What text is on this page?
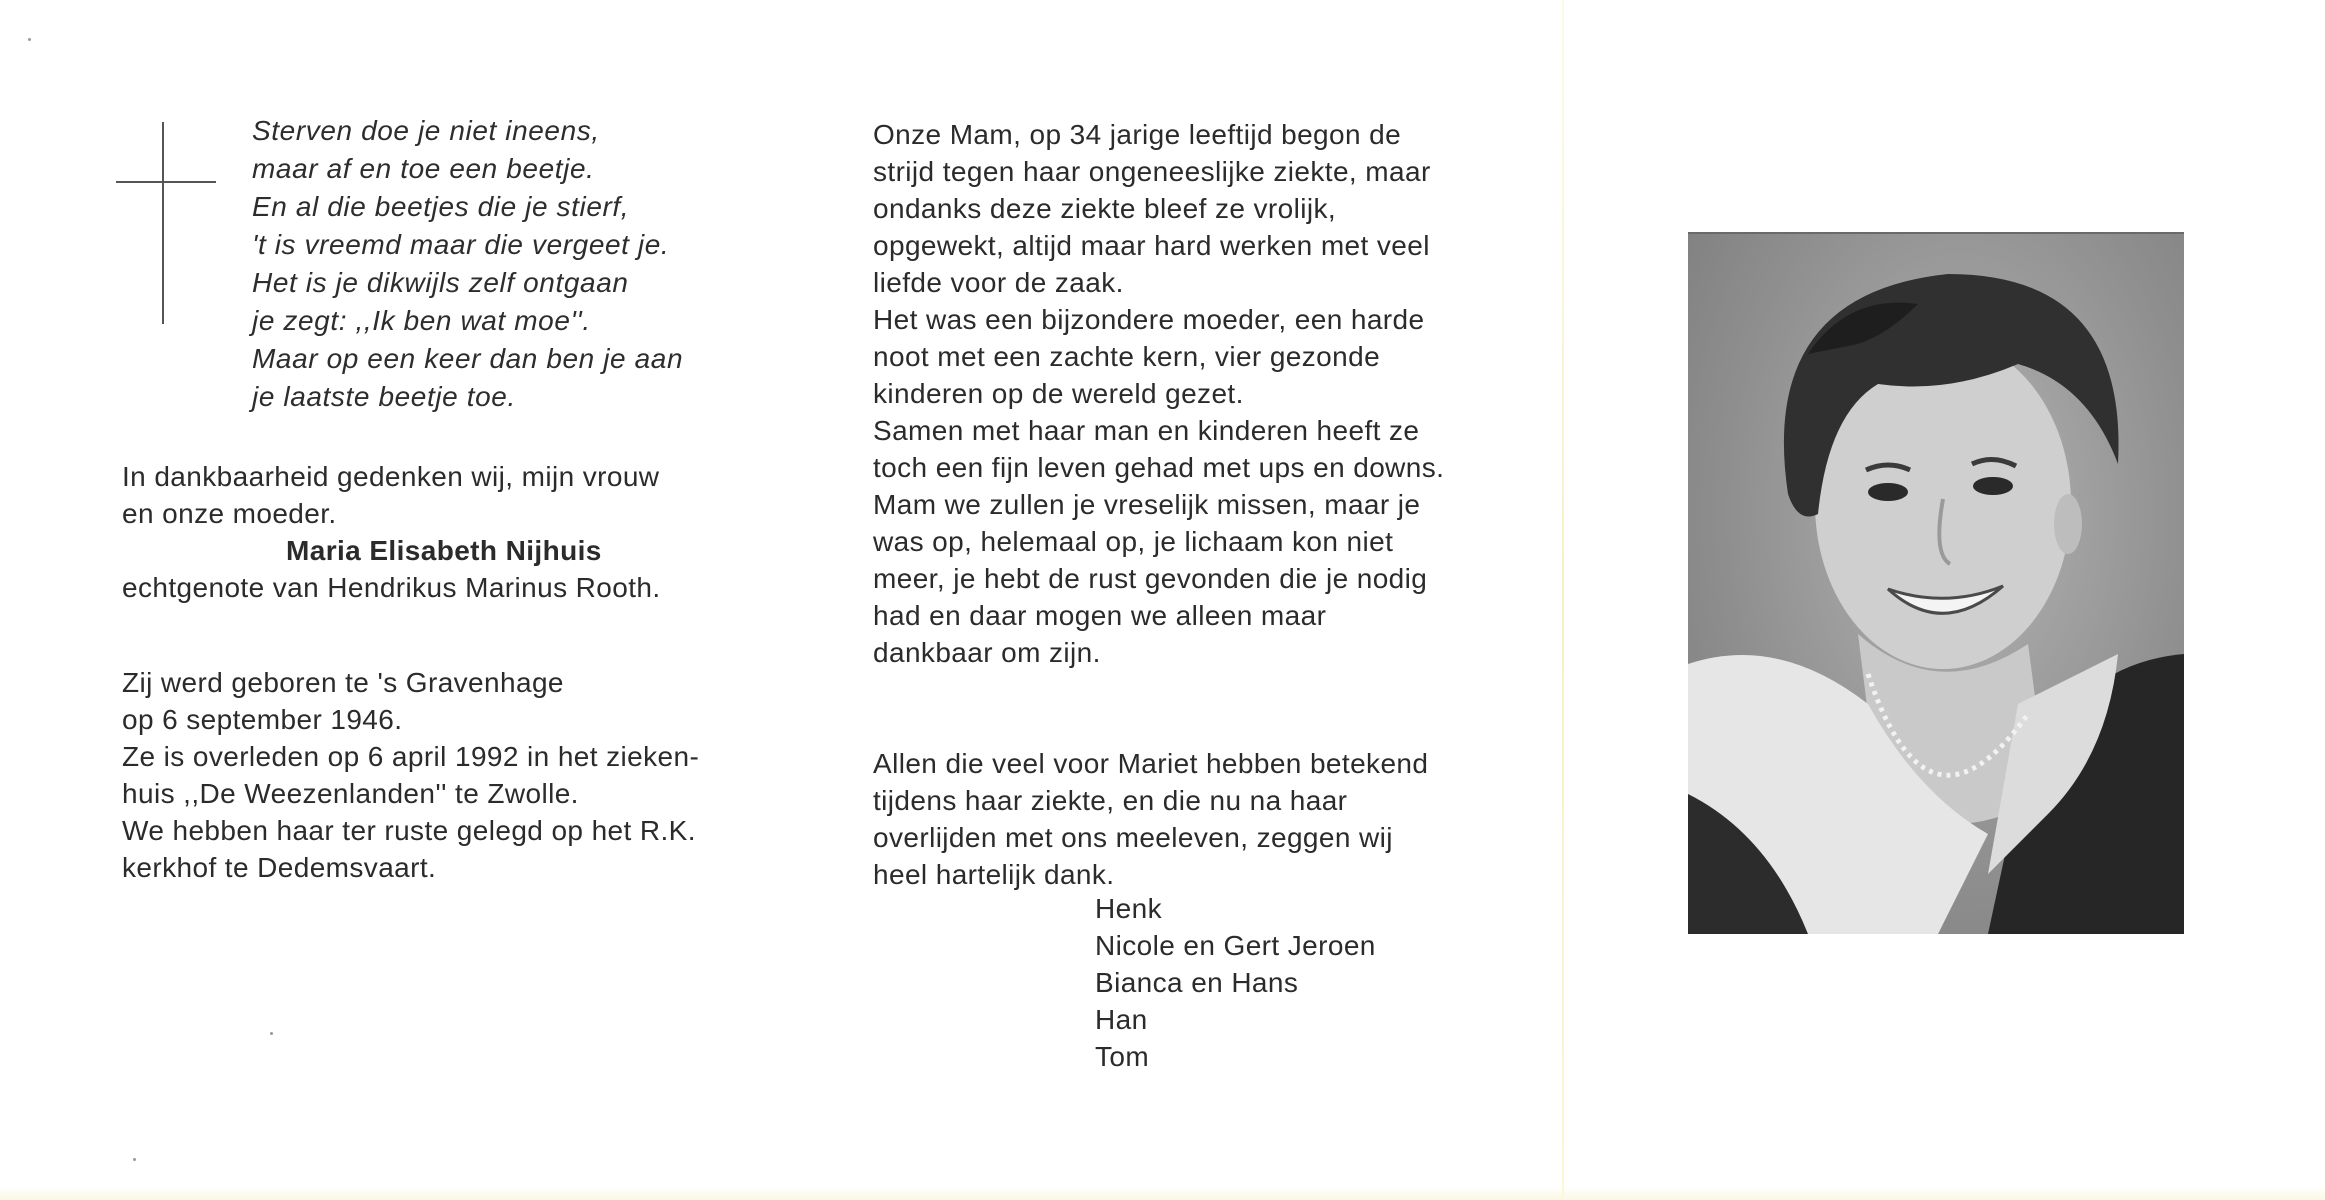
Sterven doe je niet ineens,
maar af en toe een beetje.
En al die beetjes die je stierf,
't is vreemd maar die vergeet je.
Het is je dikwijls zelf ontgaan
je zegt: ,,Ik ben wat moe''.
Maar op een keer dan ben je aan
je laatste beetje toe.
In dankbaarheid gedenken wij, mijn vrouw
en onze moeder.
Maria Elisabeth Nijhuis
echtgenote van Hendrikus Marinus Rooth.
Zij werd geboren te 's Gravenhage
op 6 september 1946.
Ze is overleden op 6 april 1992 in het zieken-
huis ,,De Weezenlanden'' te Zwolle.
We hebben haar ter ruste gelegd op het R.K.
kerkhof te Dedemsvaart.
Onze Mam, op 34 jarige leeftijd begon de
strijd tegen haar ongeneeslijke ziekte, maar
ondanks deze ziekte bleef ze vrolijk,
opgewekt, altijd maar hard werken met veel
liefde voor de zaak.
Het was een bijzondere moeder, een harde
noot met een zachte kern, vier gezonde
kinderen op de wereld gezet.
Samen met haar man en kinderen heeft ze
toch een fijn leven gehad met ups en downs.
Mam we zullen je vreselijk missen, maar je
was op, helemaal op, je lichaam kon niet
meer, je hebt de rust gevonden die je nodig
had en daar mogen we alleen maar
dankbaar om zijn.
Allen die veel voor Mariet hebben betekend
tijdens haar ziekte, en die nu na haar
overlijden met ons meeleven, zeggen wij
heel hartelijk dank.
Henk
Nicole en Gert Jeroen
Bianca en Hans
Han
Tom
